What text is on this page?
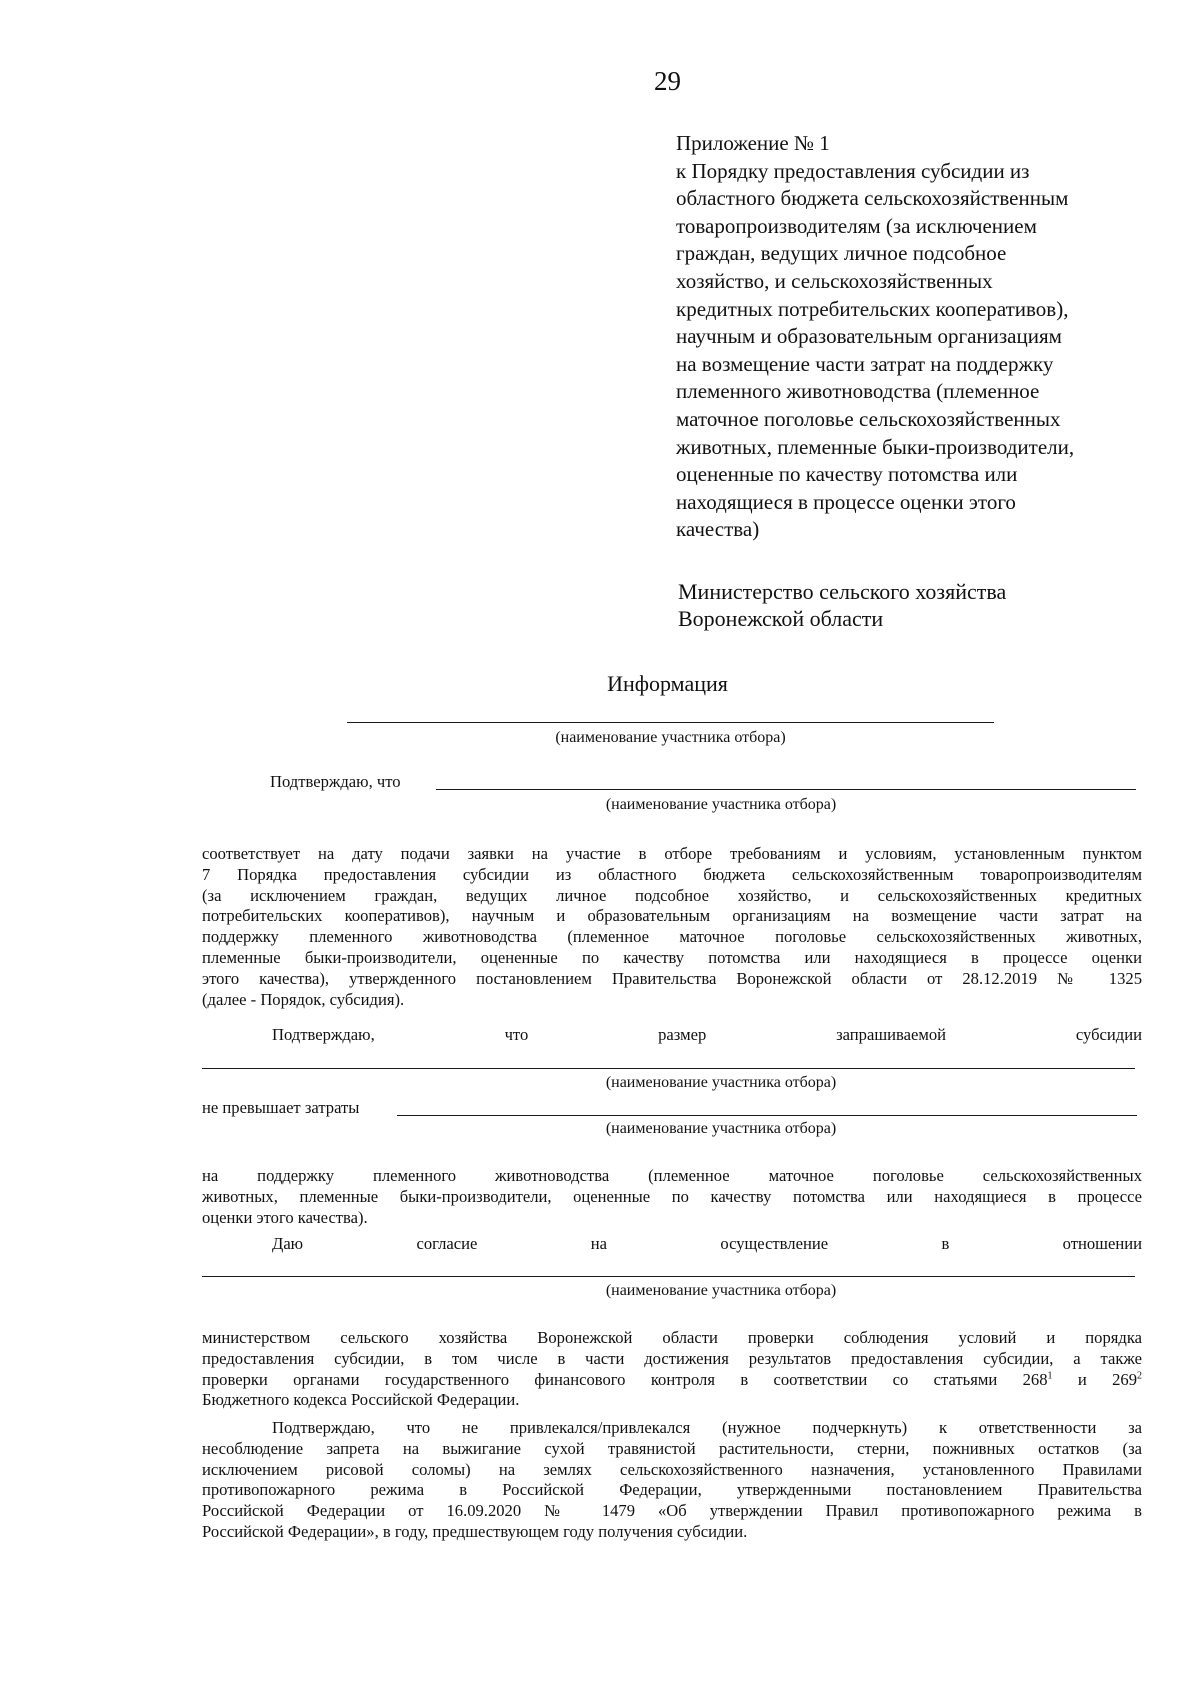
29
Приложение № 1
к Порядку предоставления субсидии из
областного бюджета сельскохозяйственным
товаропроизводителям (за исключением
граждан, ведущих личное подсобное
хозяйство, и сельскохозяйственных
кредитных потребительских кооперативов),
научным и образовательным организациям
на возмещение части затрат на поддержку
племенного животноводства (племенное
маточное поголовье сельскохозяйственных
животных, племенные быки-производители,
оцененные по качеству потомства или
находящиеся в процессе оценки этого
качества)
Министерство сельского хозяйства
Воронежской области
Информация
(наименование участника отбора)
Подтверждаю, что
(наименование участника отбора)
соответствует на дату подачи заявки на участие в отборе требованиям и условиям, установленным пунктом
7 Порядка предоставления субсидии из областного бюджета сельскохозяйственным товаропроизводителям
(за исключением граждан, ведущих личное подсобное хозяйство, и сельскохозяйственных кредитных
потребительских кооперативов), научным и образовательным организациям на возмещение части затрат на
поддержку племенного животноводства (племенное маточное поголовье сельскохозяйственных животных,
племенные быки-производители, оцененные по качеству потомства или находящиеся в процессе оценки
этого качества), утвержденного постановлением Правительства Воронежской области от 28.12.2019 № 1325
(далее - Порядок, субсидия).
Подтверждаю,	что	размер	запрашиваемой	субсидии
(наименование участника отбора)
не превышает затраты
(наименование участника отбора)
на поддержку племенного животноводства (племенное маточное поголовье сельскохозяйственных
животных, племенные быки-производители, оцененные по качеству потомства или находящиеся в процессе
оценки этого качества).
Даю	согласие	на	осуществление	в	отношении
(наименование участника отбора)
министерством сельского хозяйства Воронежской области проверки соблюдения условий и порядка
предоставления субсидии, в том числе в части достижения результатов предоставления субсидии, а также
проверки органами государственного финансового контроля в соответствии со статьями $268^1$ и $269^2$
Бюджетного кодекса Российской Федерации.
Подтверждаю, что не привлекался/привлекался (нужное подчеркнуть) к ответственности за
несоблюдение запрета на выжигание сухой травянистой растительности, стерни, пожнивных остатков (за
исключением рисовой соломы) на землях сельскохозяйственного назначения, установленного Правилами
противопожарного режима в Российской Федерации, утвержденными постановлением Правительства
Российской Федерации от 16.09.2020 № 1479 «Об утверждении Правил противопожарного режима в
Российской Федерации», в году, предшествующем году получения субсидии.
